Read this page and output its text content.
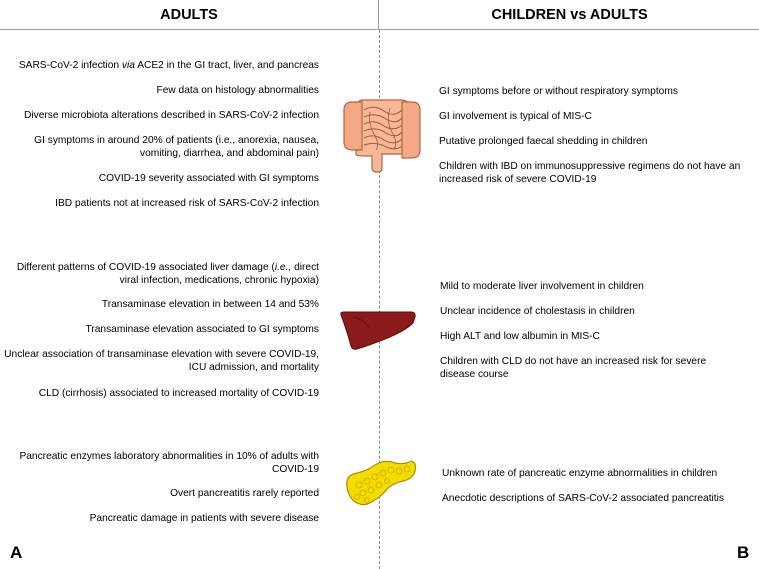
ADULTS	CHILDREN vs ADULTS
SARS-CoV-2 infection via ACE2 in the GI tract, liver, and pancreas
Few data on histology abnormalities
Diverse microbiota alterations described in SARS-CoV-2 infection
GI symptoms in around 20% of patients (i.e., anorexia, nausea, vomiting, diarrhea, and abdominal pain)
COVID-19 severity associated with GI symptoms
IBD patients not at increased risk of SARS-CoV-2 infection
GI symptoms before or without respiratory symptoms
GI involvement is typical of MIS-C
Putative prolonged faecal shedding in children
Children with IBD on immunosuppressive regimens do not have an increased risk of severe COVID-19
Different patterns of COVID-19 associated liver damage (i.e., direct viral infection, medications, chronic hypoxia)
Transaminase elevation in between 14 and 53%
Transaminase elevation associated to GI symptoms
Unclear association of transaminase elevation with severe COVID-19, ICU admission, and mortality
CLD (cirrhosis) associated to increased mortality of COVID-19
Mild to moderate liver involvement in children
Unclear incidence of cholestasis in children
High ALT and low albumin in MIS-C
Children with CLD do not have an increased risk for severe disease course
Pancreatic enzymes laboratory abnormalities in 10% of adults with COVID-19
Overt pancreatitis rarely reported
Pancreatic damage in patients with severe disease
Unknown rate of pancreatic enzyme abnormalities in children
Anecdotic descriptions of SARS-CoV-2 associated pancreatitis
A	B
